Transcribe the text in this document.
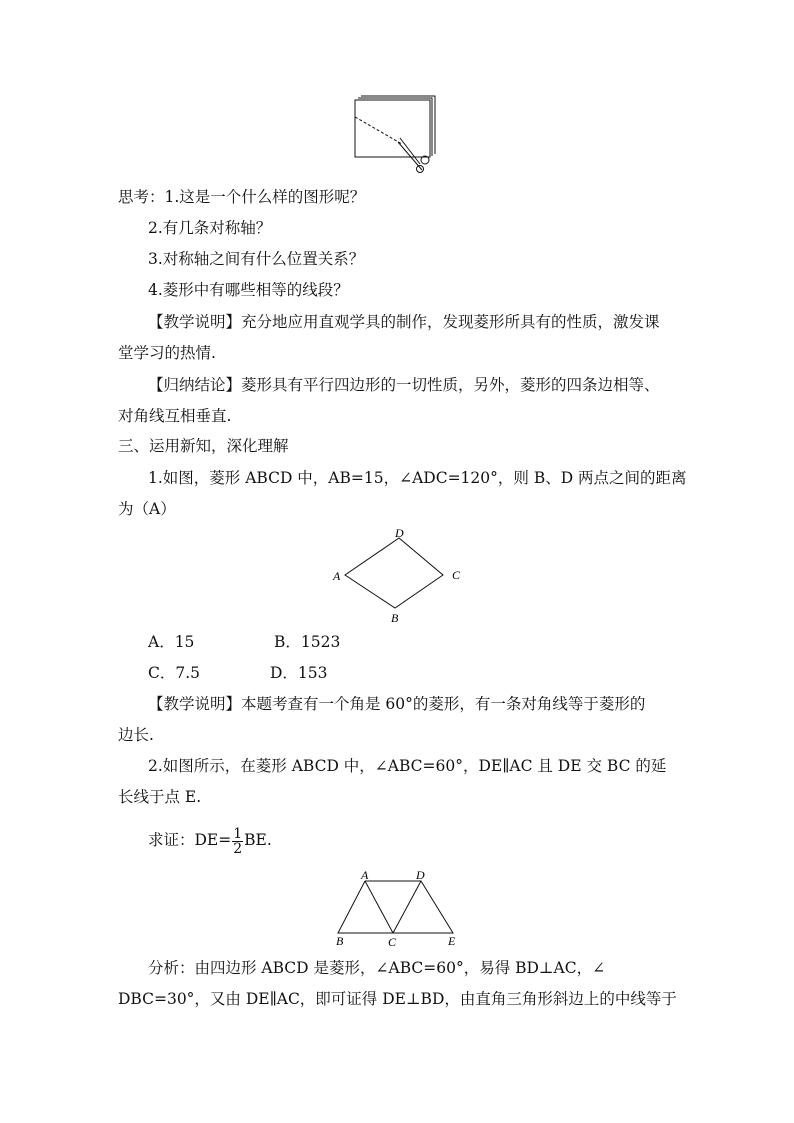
思考：1.这是一个什么样的图形呢？
2.有几条对称轴？
3.对称轴之间有什么位置关系？
4.菱形中有哪些相等的线段？
【教学说明】充分地应用直观学具的制作，发现菱形所具有的性质，激发课
堂学习的热情.
【归纳结论】菱形具有平行四边形的一切性质，另外，菱形的四条边相等、
对角线互相垂直.
三、运用新知，深化理解
1.如图，菱形 ABCD 中，AB=15，∠ADC=120°，则 B、D 两点之间的距离
为（A）
D
A	C
B
A．15	B．1523
C．7.5	D．153
【教学说明】本题考查有一个角是 60°的菱形，有一条对角线等于菱形的
边长.
2.如图所示，在菱形 ABCD 中，∠ABC=60°，DE∥AC 且 DE 交 BC 的延
长线于点 E.
求证：$DE= \frac{1}{2}$ BE.
A	D
B	C	E
分析：由四边形 ABCD 是菱形，∠ABC=60°，易得 BD⊥AC，∠
DBC=30°，又由 DE∥AC，即可证得 DE⊥BD，由直角三角形斜边上的中线等于
